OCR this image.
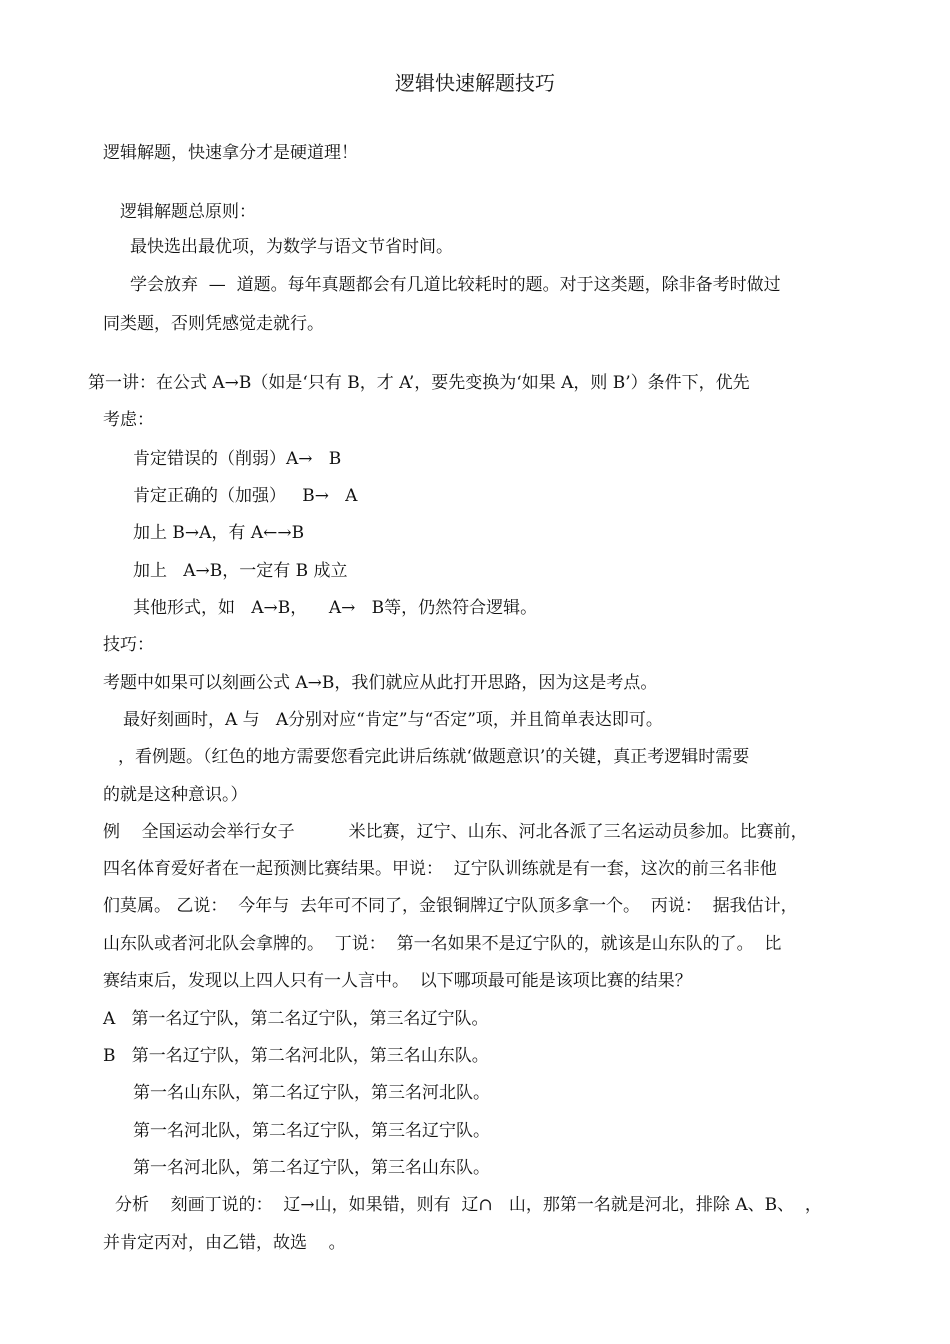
逻辑快速解题技巧
逻辑解题，快速拿分才是硬道理！
逻辑解题总原则：
最快选出最优项，为数学与语文节省时间。
学会放弃  —  道题。每年真题都会有几道比较耗时的题。对于这类题，除非备考时做过
同类题，否则凭感觉走就行。
第一讲：在公式 A→B（如是‘只有 B，才 A’，要先变换为‘如果 A，则 B’）条件下，优先
考虑：
肯定错误的（削弱）A→   B
肯定正确的（加强）   B→   A
加上 B→A，有 A←→B
加上   A→B，一定有 B 成立
其他形式，如   A→B，    A→   B等，仍然符合逻辑。
技巧：
考题中如果可以刻画公式 A→B，我们就应从此打开思路，因为这是考点。
最好刻画时，A 与   A分别对应“肯定”与“否定”项，并且简单表达即可。
，看例题。（红色的地方需要您看完此讲后练就‘做题意识’的关键，真正考逻辑时需要
的就是这种意识。）
例    全国运动会举行女子          米比赛，辽宁、山东、河北各派了三名运动员参加。比赛前，
四名体育爱好者在一起预测比赛结果。甲说：  辽宁队训练就是有一套，这次的前三名非他
们莫属。 乙说：  今年与  去年可不同了，金银铜牌辽宁队顶多拿一个。  丙说：  据我估计，
山东队或者河北队会拿牌的。  丁说：  第一名如果不是辽宁队的，就该是山东队的了。  比
赛结束后，发现以上四人只有一人言中。  以下哪项最可能是该项比赛的结果？
A   第一名辽宁队，第二名辽宁队，第三名辽宁队。
B   第一名辽宁队，第二名河北队，第三名山东队。
第一名山东队，第二名辽宁队，第三名河北队。
第一名河北队，第二名辽宁队，第三名辽宁队。
第一名河北队，第二名辽宁队，第三名山东队。
分析    刻画丁说的：  辽→山，如果错，则有  辽∩   山，那第一名就是河北，排除 A、B、  ，
并肯定丙对，由乙错，故选    。
